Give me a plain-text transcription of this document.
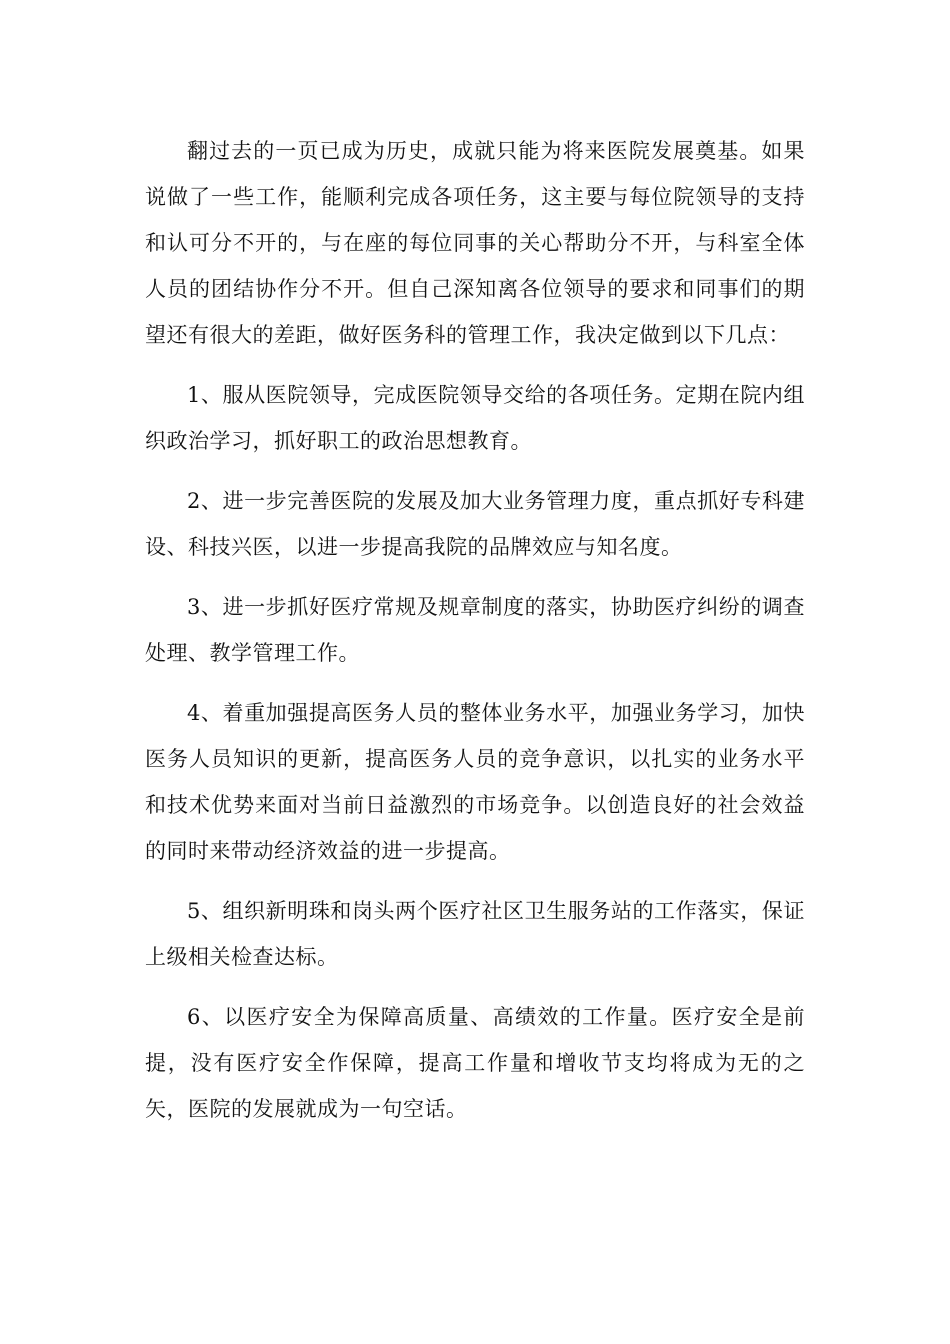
翻过去的一页已成为历史，成就只能为将来医院发展奠基。如果说做了一些工作，能顺利完成各项任务，这主要与每位院领导的支持和认可分不开的，与在座的每位同事的关心帮助分不开，与科室全体人员的团结协作分不开。但自己深知离各位领导的要求和同事们的期望还有很大的差距，做好医务科的管理工作，我决定做到以下几点：

1、服从医院领导，完成医院领导交给的各项任务。定期在院内组织政治学习，抓好职工的政治思想教育。

2、进一步完善医院的发展及加大业务管理力度，重点抓好专科建设、科技兴医，以进一步提高我院的品牌效应与知名度。

3、进一步抓好医疗常规及规章制度的落实，协助医疗纠纷的调查处理、教学管理工作。

4、着重加强提高医务人员的整体业务水平，加强业务学习，加快医务人员知识的更新，提高医务人员的竞争意识，以扎实的业务水平和技术优势来面对当前日益激烈的市场竞争。以创造良好的社会效益的同时来带动经济效益的进一步提高。

5、组织新明珠和岗头两个医疗社区卫生服务站的工作落实，保证上级相关检查达标。

6、以医疗安全为保障高质量、高绩效的工作量。医疗安全是前提，没有医疗安全作保障，提高工作量和增收节支均将成为无的之矢，医院的发展就成为一句空话。
